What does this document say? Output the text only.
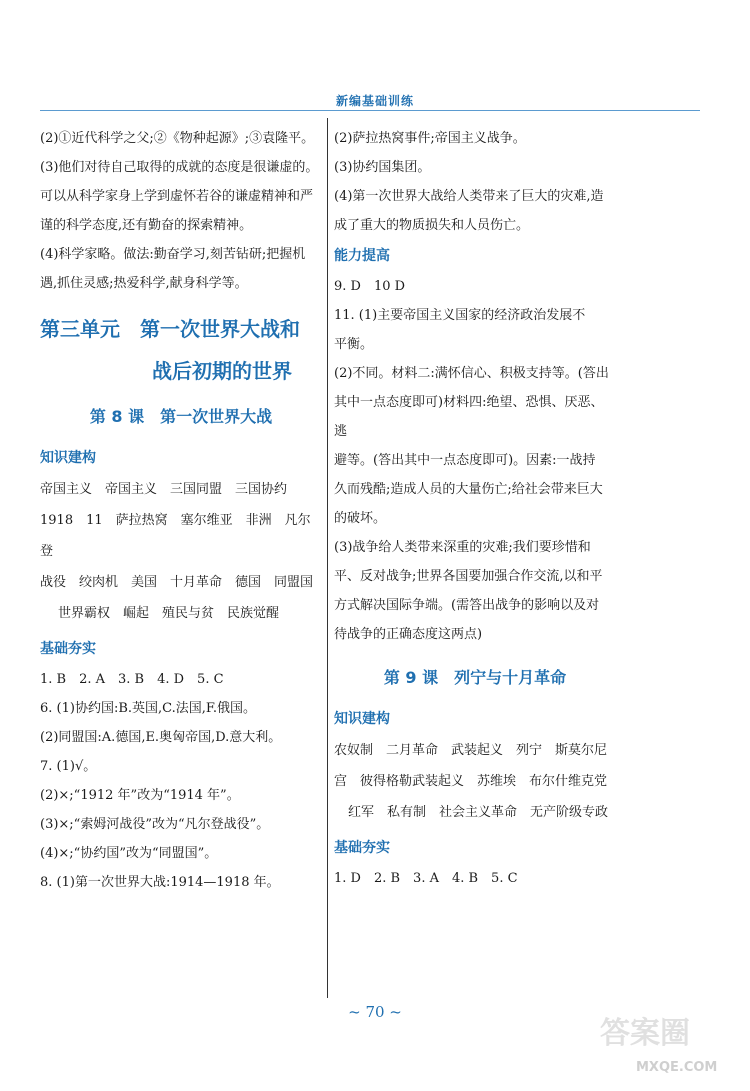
新编基础训练

(2)①近代科学之父;②《物种起源》;③袁隆平。

(3)他们对待自己取得的成就的态度是很谦虚的。

可以从科学家身上学到虚怀若谷的谦虚精神和严

谨的科学态度,还有勤奋的探索精神。

(4)科学家略。做法:勤奋学习,刻苦钻研;把握机

遇,抓住灵感;热爱科学,献身科学等。

第三单元　第一次世界大战和

战后初期的世界

第 8 课　第一次世界大战

知识建构

帝国主义　帝国主义　三国同盟　三国协约

1918　11　萨拉热窝　塞尔维亚　非洲　凡尔登

战役　绞肉机　美国　十月革命　德国　同盟国

世界霸权　崛起　殖民与贫　民族觉醒

基础夯实

1. B　2. A　3. B　4. D　5. C

6. (1)协约国:B.英国,C.法国,F.俄国。

(2)同盟国:A.德国,E.奥匈帝国,D.意大利。

7. (1)√。

(2)×;“1912 年”改为“1914 年”。

(3)×;“索姆河战役”改为“凡尔登战役”。

(4)×;“协约国”改为“同盟国”。

8. (1)第一次世界大战:1914—1918 年。

(2)萨拉热窝事件;帝国主义战争。

(3)协约国集团。

(4)第一次世界大战给人类带来了巨大的灾难,造

成了重大的物质损失和人员伤亡。

能力提高

9. D　10 D

11. (1)主要帝国主义国家的经济政治发展不

平衡。

(2)不同。材料二:满怀信心、积极支持等。(答出

其中一点态度即可)材料四:绝望、恐惧、厌恶、逃

避等。(答出其中一点态度即可)。因素:一战持

久而残酷;造成人员的大量伤亡;给社会带来巨大

的破坏。

(3)战争给人类带来深重的灾难;我们要珍惜和

平、反对战争;世界各国要加强合作交流,以和平

方式解决国际争端。(需答出战争的影响以及对

待战争的正确态度这两点)

第 9 课　列宁与十月革命

知识建构

农奴制　二月革命　武装起义　列宁　斯莫尔尼

宫　彼得格勒武装起义　苏维埃　布尔什维克党

红军　私有制　社会主义革命　无产阶级专政

基础夯实

1. D　2. B　3. A　4. B　5. C

~ 70 ~
答案圈
MXQE.COM
